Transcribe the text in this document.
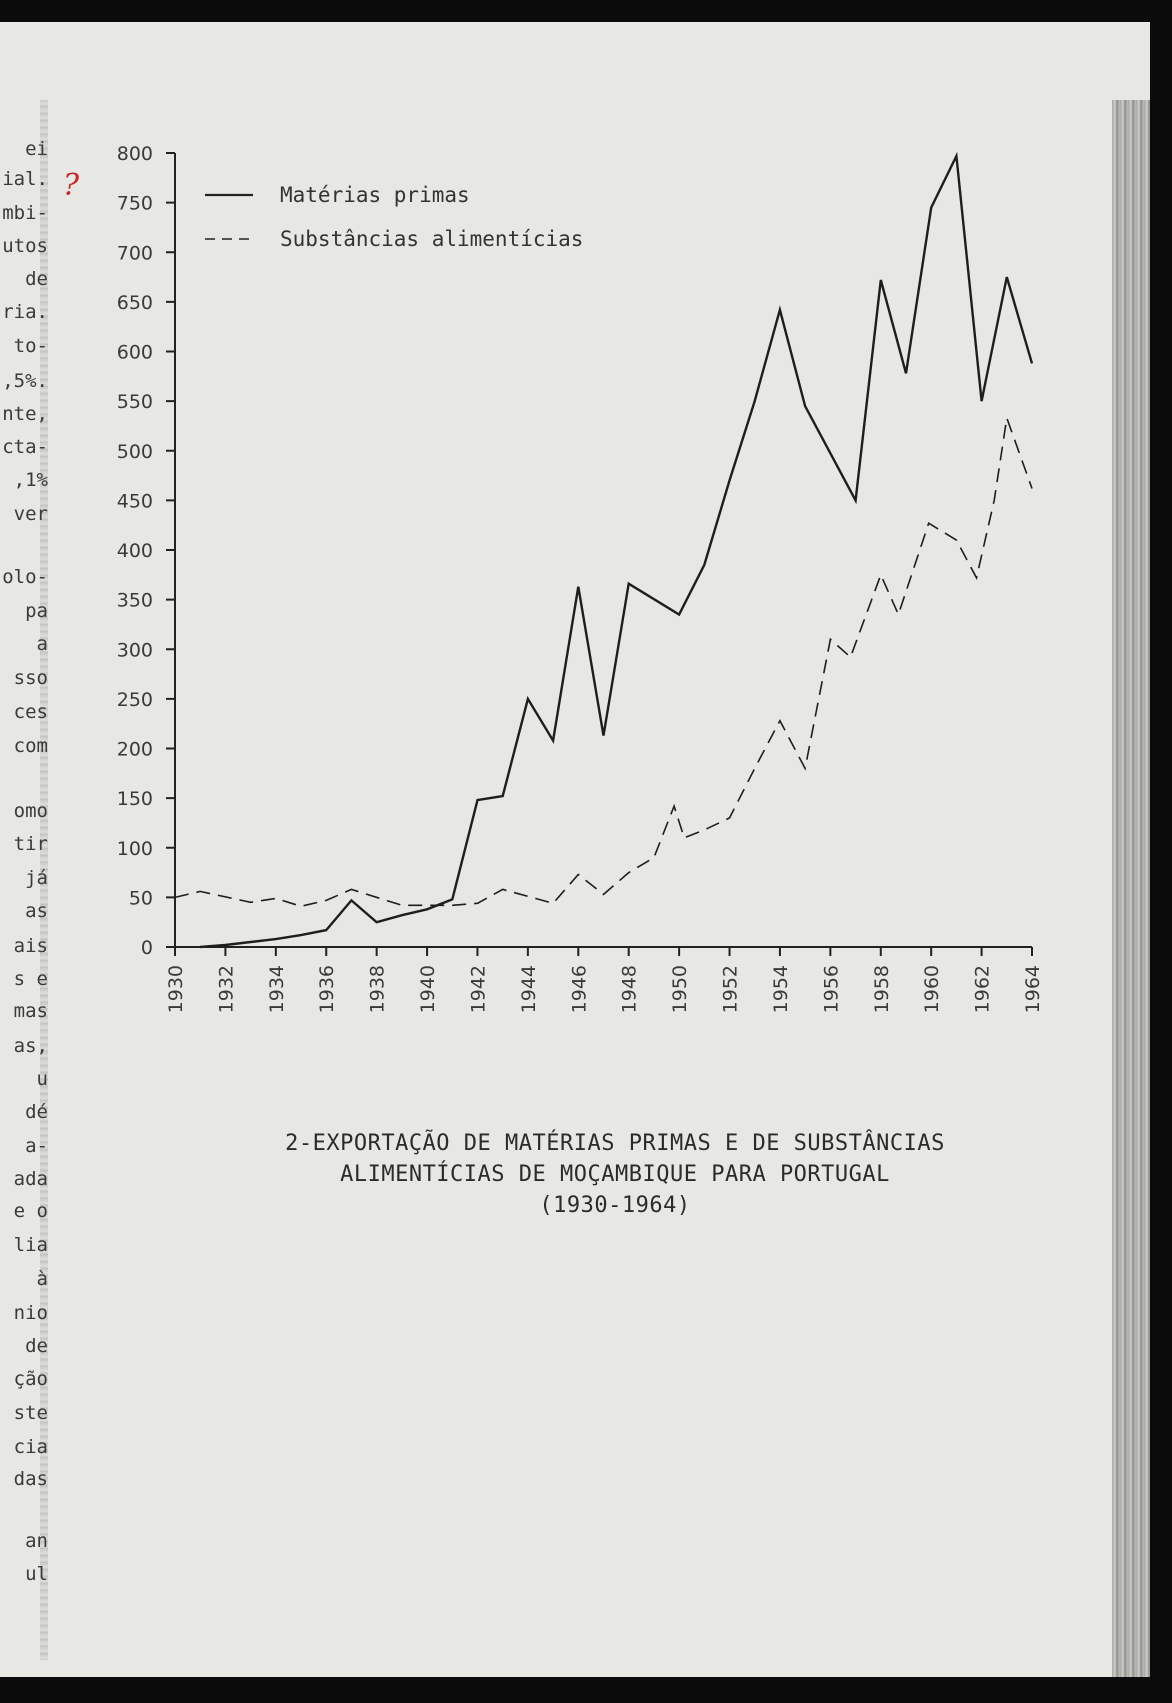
ei
ial.
mbi-
utos
de
ria.
to-
,5%.
nte,
cta-
,1%
ver
olo-
pa
a
sso
ces
com
omo
tir
já
as
ais
s e
mas
as,
u
dé
a-
ada
e o
lia
à
nio
de
ção
ste
cia
das
an
ul
?
0
50
100
150
200
250
300
350
400
450
500
550
600
650
700
750
800
1930 1932 1934 1936 1938 1940 1942 1944 1946 1948 1950 1952 1954 1956 1958 1960 1962 1964
Matérias primas
Substâncias alimentícias
2-EXPORTAÇÃO DE MATÉRIAS PRIMAS E DE SUBSTÂNCIAS
ALIMENTÍCIAS DE MOÇAMBIQUE PARA PORTUGAL
(1930-1964)
